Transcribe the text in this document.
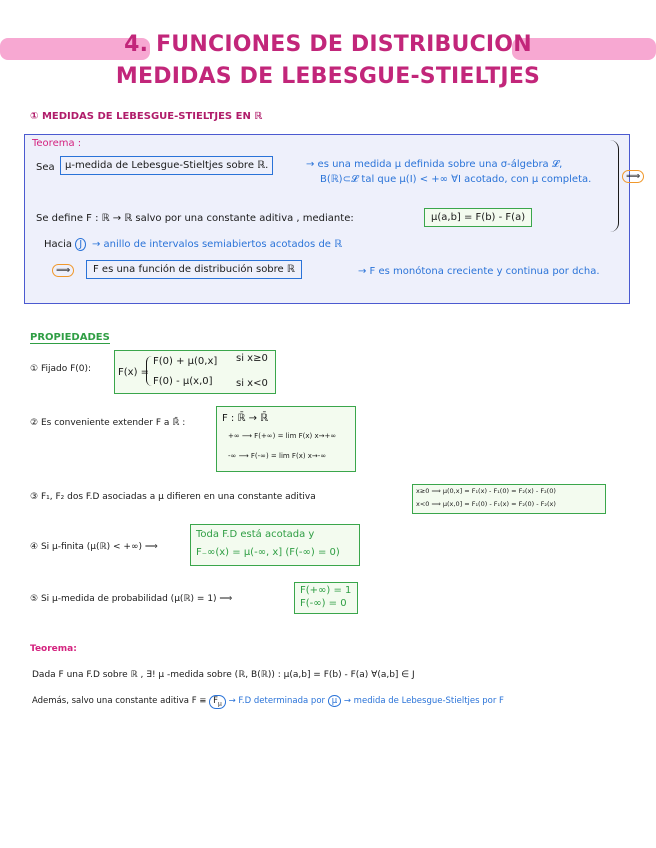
4. FUNCIONES DE DISTRIBUCION
MEDIDAS DE LEBESGUE-STIELTJES
① MEDIDAS DE LEBESGUE-STIELTJES EN ℝ
Teorema :
Sea	μ-medida de Lebesgue-Stieltjes sobre ℝ.	→ es una medida μ definida sobre una σ-álgebra 𝓛,
B(ℝ)⊂𝓛 tal que μ(I) < +∞ ∀I acotado, con μ completa.	⟹
Se define F : ℝ → ℝ salvo por una constante aditiva , mediante:	μ(a,b] = F(b) - F(a)
Hacia J → anillo de intervalos semiabiertos acotados de ℝ
⟹	F es una función de distribución sobre ℝ	→ F es monótona creciente y continua por dcha.
PROPIEDADES
① Fijado F(0):	F(x) =
F(0) + μ(0,x] si x≥0
F(0) - μ(x,0] si x<0
② Es conveniente extender F a ℝ̄ :	F : ℝ̄ → ℝ̄
+∞ ⟶ F(+∞) = lim F(x) x→+∞
-∞ ⟶ F(-∞) = lim F(x) x→-∞
③ F₁, F₂ dos F.D asociadas a μ difieren en una constante aditiva
x≥0 ⟹ μ(0,x] = F₁(x) - F₁(0) = F₂(x) - F₂(0)
x<0 ⟹ μ(x,0] = F₁(0) - F₁(x) = F₂(0) - F₂(x)
④ Si μ-finita (μ(ℝ) < +∞) ⟹
Toda F.D está acotada y
F₋∞(x) = μ(-∞, x] (F(-∞) = 0)
⑤ Si μ-medida de probabilidad (μ(ℝ) = 1) ⟹
F(+∞) = 1
F(-∞) = 0
Teorema:
Dada F una F.D sobre ℝ , ∃! μ -medida sobre (ℝ, B(ℝ)) : μ(a,b] = F(b) - F(a) ∀(a,b] ∈ J
Además, salvo una constante aditiva $F \equiv F_\mu \to F.D$ determinada por μ → medida de Lebesgue-Stieltjes por F
